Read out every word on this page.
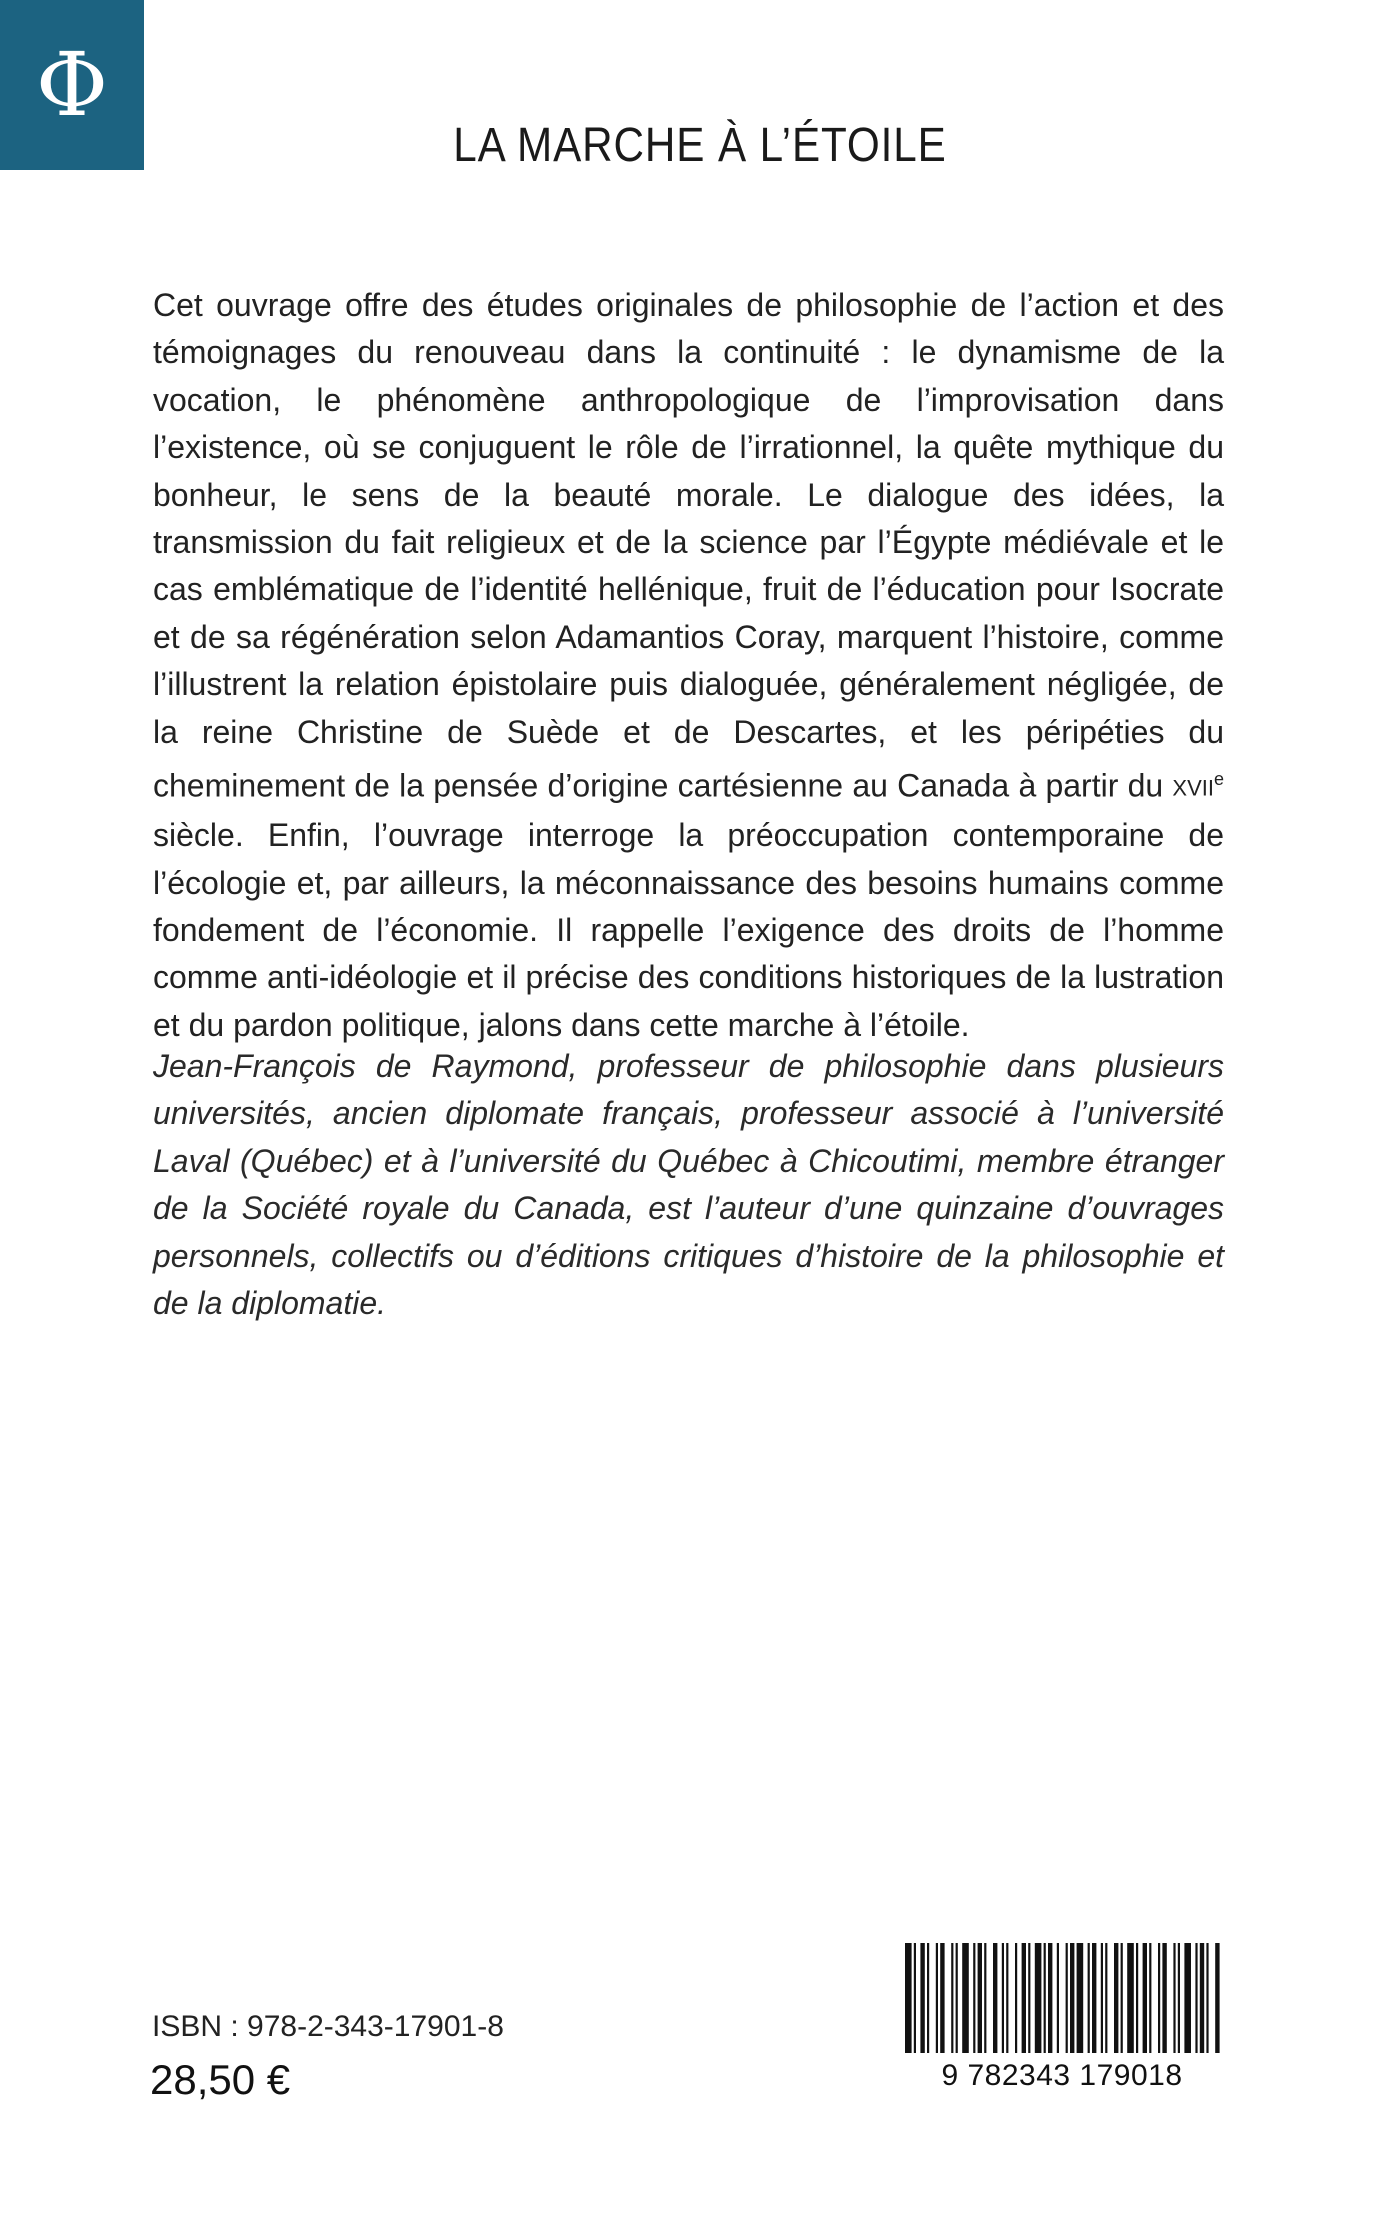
Φ
LA MARCHE À L’ÉTOILE

Cet ouvrage offre des études originales de philosophie de l’action et des témoignages du renouveau dans la continuité : le dynamisme de la vocation, le phénomène anthropologique de l’improvisation dans l’existence, où se conjuguent le rôle de l’irrationnel, la quête mythique du bonheur, le sens de la beauté morale. Le dialogue des idées, la transmission du fait religieux et de la science par l’Égypte médiévale et le cas emblématique de l’identité hellénique, fruit de l’éducation pour Isocrate et de sa régénération selon Adamantios Coray, marquent l’histoire, comme l’illustrent la relation épistolaire puis dialoguée, généralement négligée, de la reine Christine de Suède et de Descartes, et les péripéties du cheminement de la pensée d’origine cartésienne au Canada à partir du XVIIe siècle. Enfin, l’ouvrage interroge la préoccupation contemporaine de l’écologie et, par ailleurs, la méconnaissance des besoins humains comme fondement de l’économie. Il rappelle l’exigence des droits de l’homme comme anti-idéologie et il précise des conditions historiques de la lustration et du pardon politique, jalons dans cette marche à l’étoile.

Jean-François de Raymond, professeur de philosophie dans plusieurs universités, ancien diplomate français, professeur associé à l’université Laval (Québec) et à l’université du Québec à Chicoutimi, membre étranger de la Société royale du Canada, est l’auteur d’une quinzaine d’ouvrages personnels, collectifs ou d’éditions critiques d’histoire de la philosophie et de la diplomatie.

ISBN : 978-2-343-17901-8
28,50 €	9 782343 179018
